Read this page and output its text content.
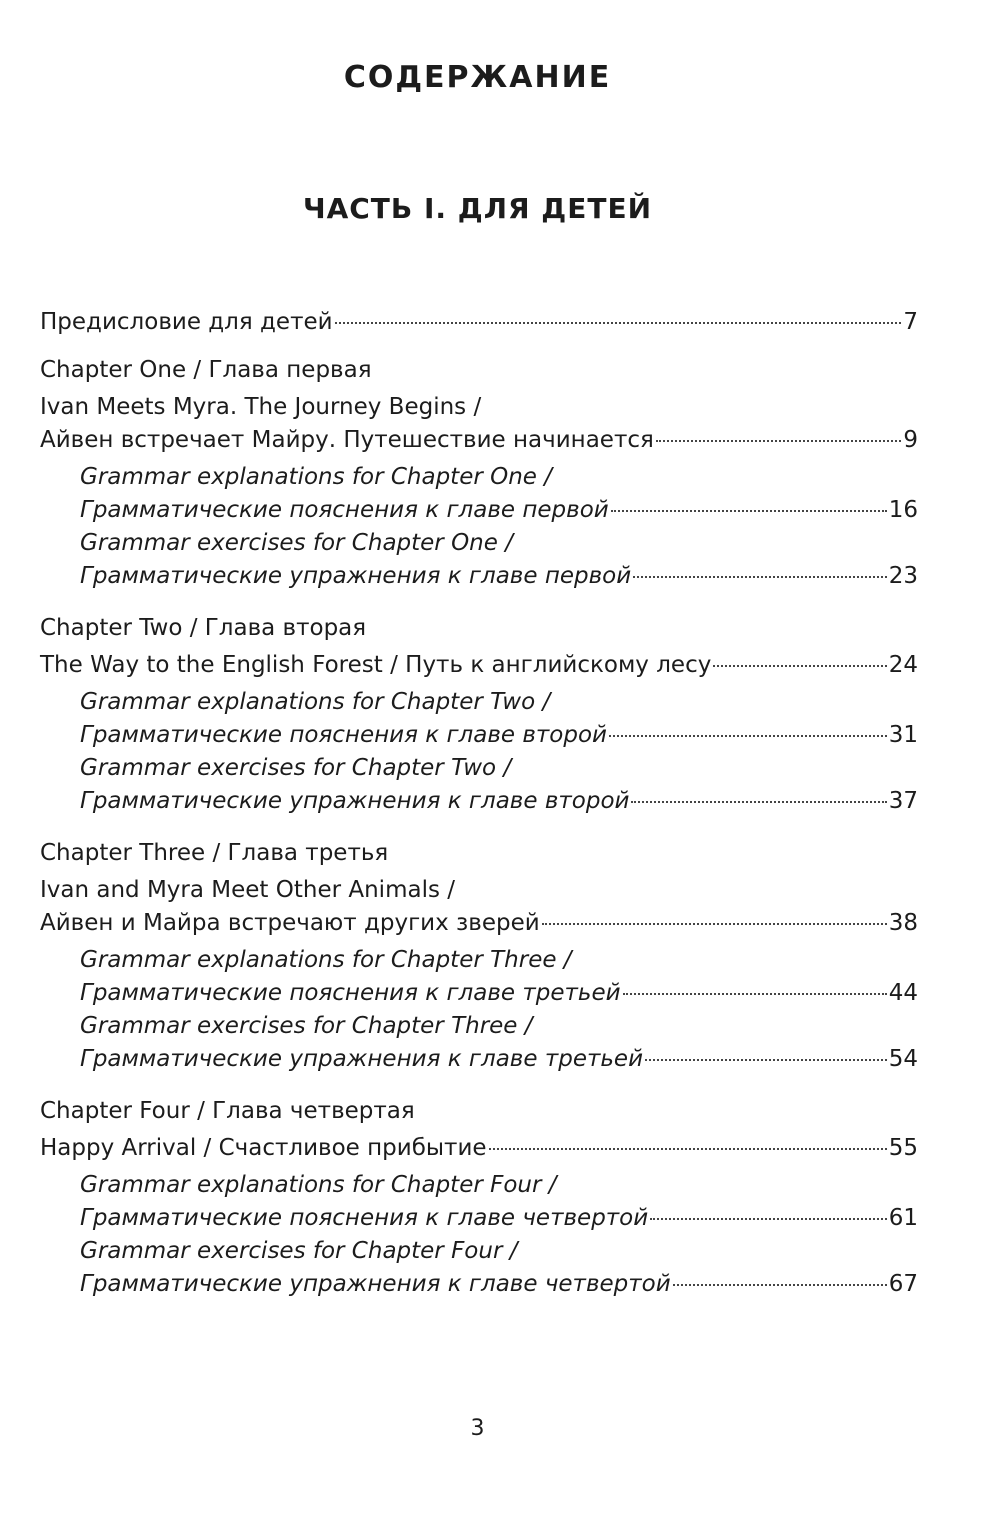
СОДЕРЖАНИЕ
ЧАСТЬ I. ДЛЯ ДЕТЕЙ
Предисловие для детей	7
Chapter One / Глава первая
Ivan Meets Myra. The Journey Begins /
Айвен встречает Майру. Путешествие начинается	9
Grammar explanations for Chapter One /
Грамматические пояснения к главе первой	16
Grammar exercises for Chapter One /
Грамматические упражнения к главе первой	23
Chapter Two / Глава вторая
The Way to the English Forest / Путь к английскому лесу	24
Grammar explanations for Chapter Two /
Грамматические пояснения к главе второй	31
Grammar exercises for Chapter Two /
Грамматические упражнения к главе второй	37
Chapter Three / Глава третья
Ivan and Myra Meet Other Animals /
Айвен и Майра встречают других зверей	38
Grammar explanations for Chapter Three /
Грамматические пояснения к главе третьей	44
Grammar exercises for Chapter Three /
Грамматические упражнения к главе третьей	54
Chapter Four / Глава четвертая
Happy Arrival / Счастливое прибытие	55
Grammar explanations for Chapter Four /
Грамматические пояснения к главе четвертой	61
Grammar exercises for Chapter Four /
Грамматические упражнения к главе четвертой	67
3
